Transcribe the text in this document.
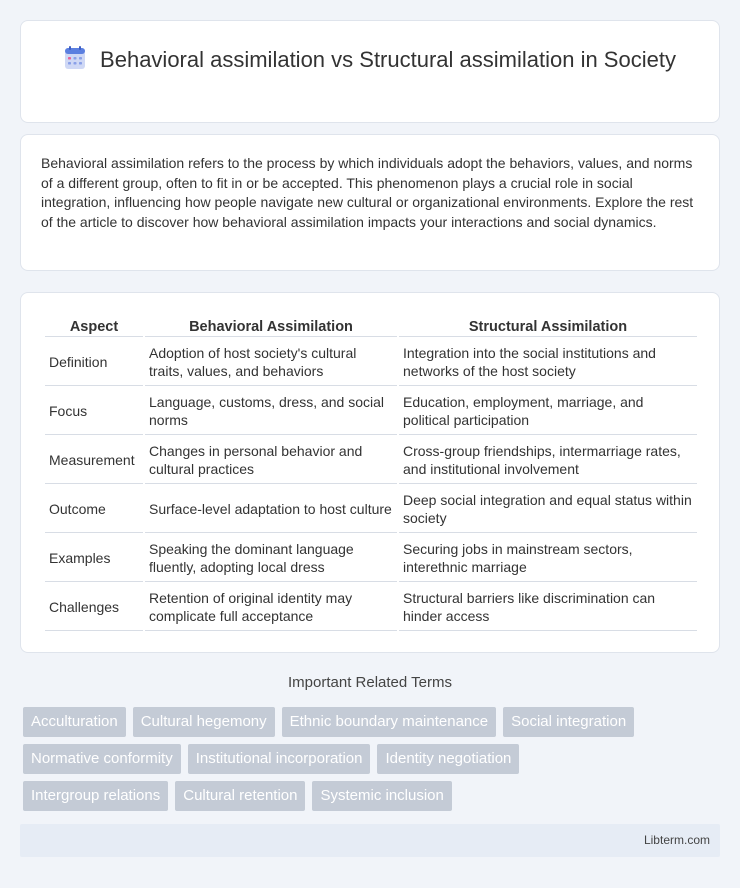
Behavioral assimilation vs Structural assimilation in Society

Behavioral assimilation refers to the process by which individuals adopt the behaviors, values, and norms of a different group, often to fit in or be accepted. This phenomenon plays a crucial role in social integration, influencing how people navigate new cultural or organizational environments. Explore the rest of the article to discover how behavioral assimilation impacts your interactions and social dynamics.

Aspect	Behavioral Assimilation	Structural Assimilation
Definition	Adoption of host society's cultural traits, values, and behaviors	Integration into the social institutions and networks of the host society
Focus	Language, customs, dress, and social norms	Education, employment, marriage, and political participation
Measurement	Changes in personal behavior and cultural practices	Cross-group friendships, intermarriage rates, and institutional involvement
Outcome	Surface-level adaptation to host culture	Deep social integration and equal status within society
Examples	Speaking the dominant language fluently, adopting local dress	Securing jobs in mainstream sectors, interethnic marriage
Challenges	Retention of original identity may complicate full acceptance	Structural barriers like discrimination can hinder access
Important Related Terms
Acculturation	Cultural hegemony	Ethnic boundary maintenance	Social integration
Normative conformity	Institutional incorporation	Identity negotiation
Intergroup relations	Cultural retention	Systemic inclusion
Libterm.com
